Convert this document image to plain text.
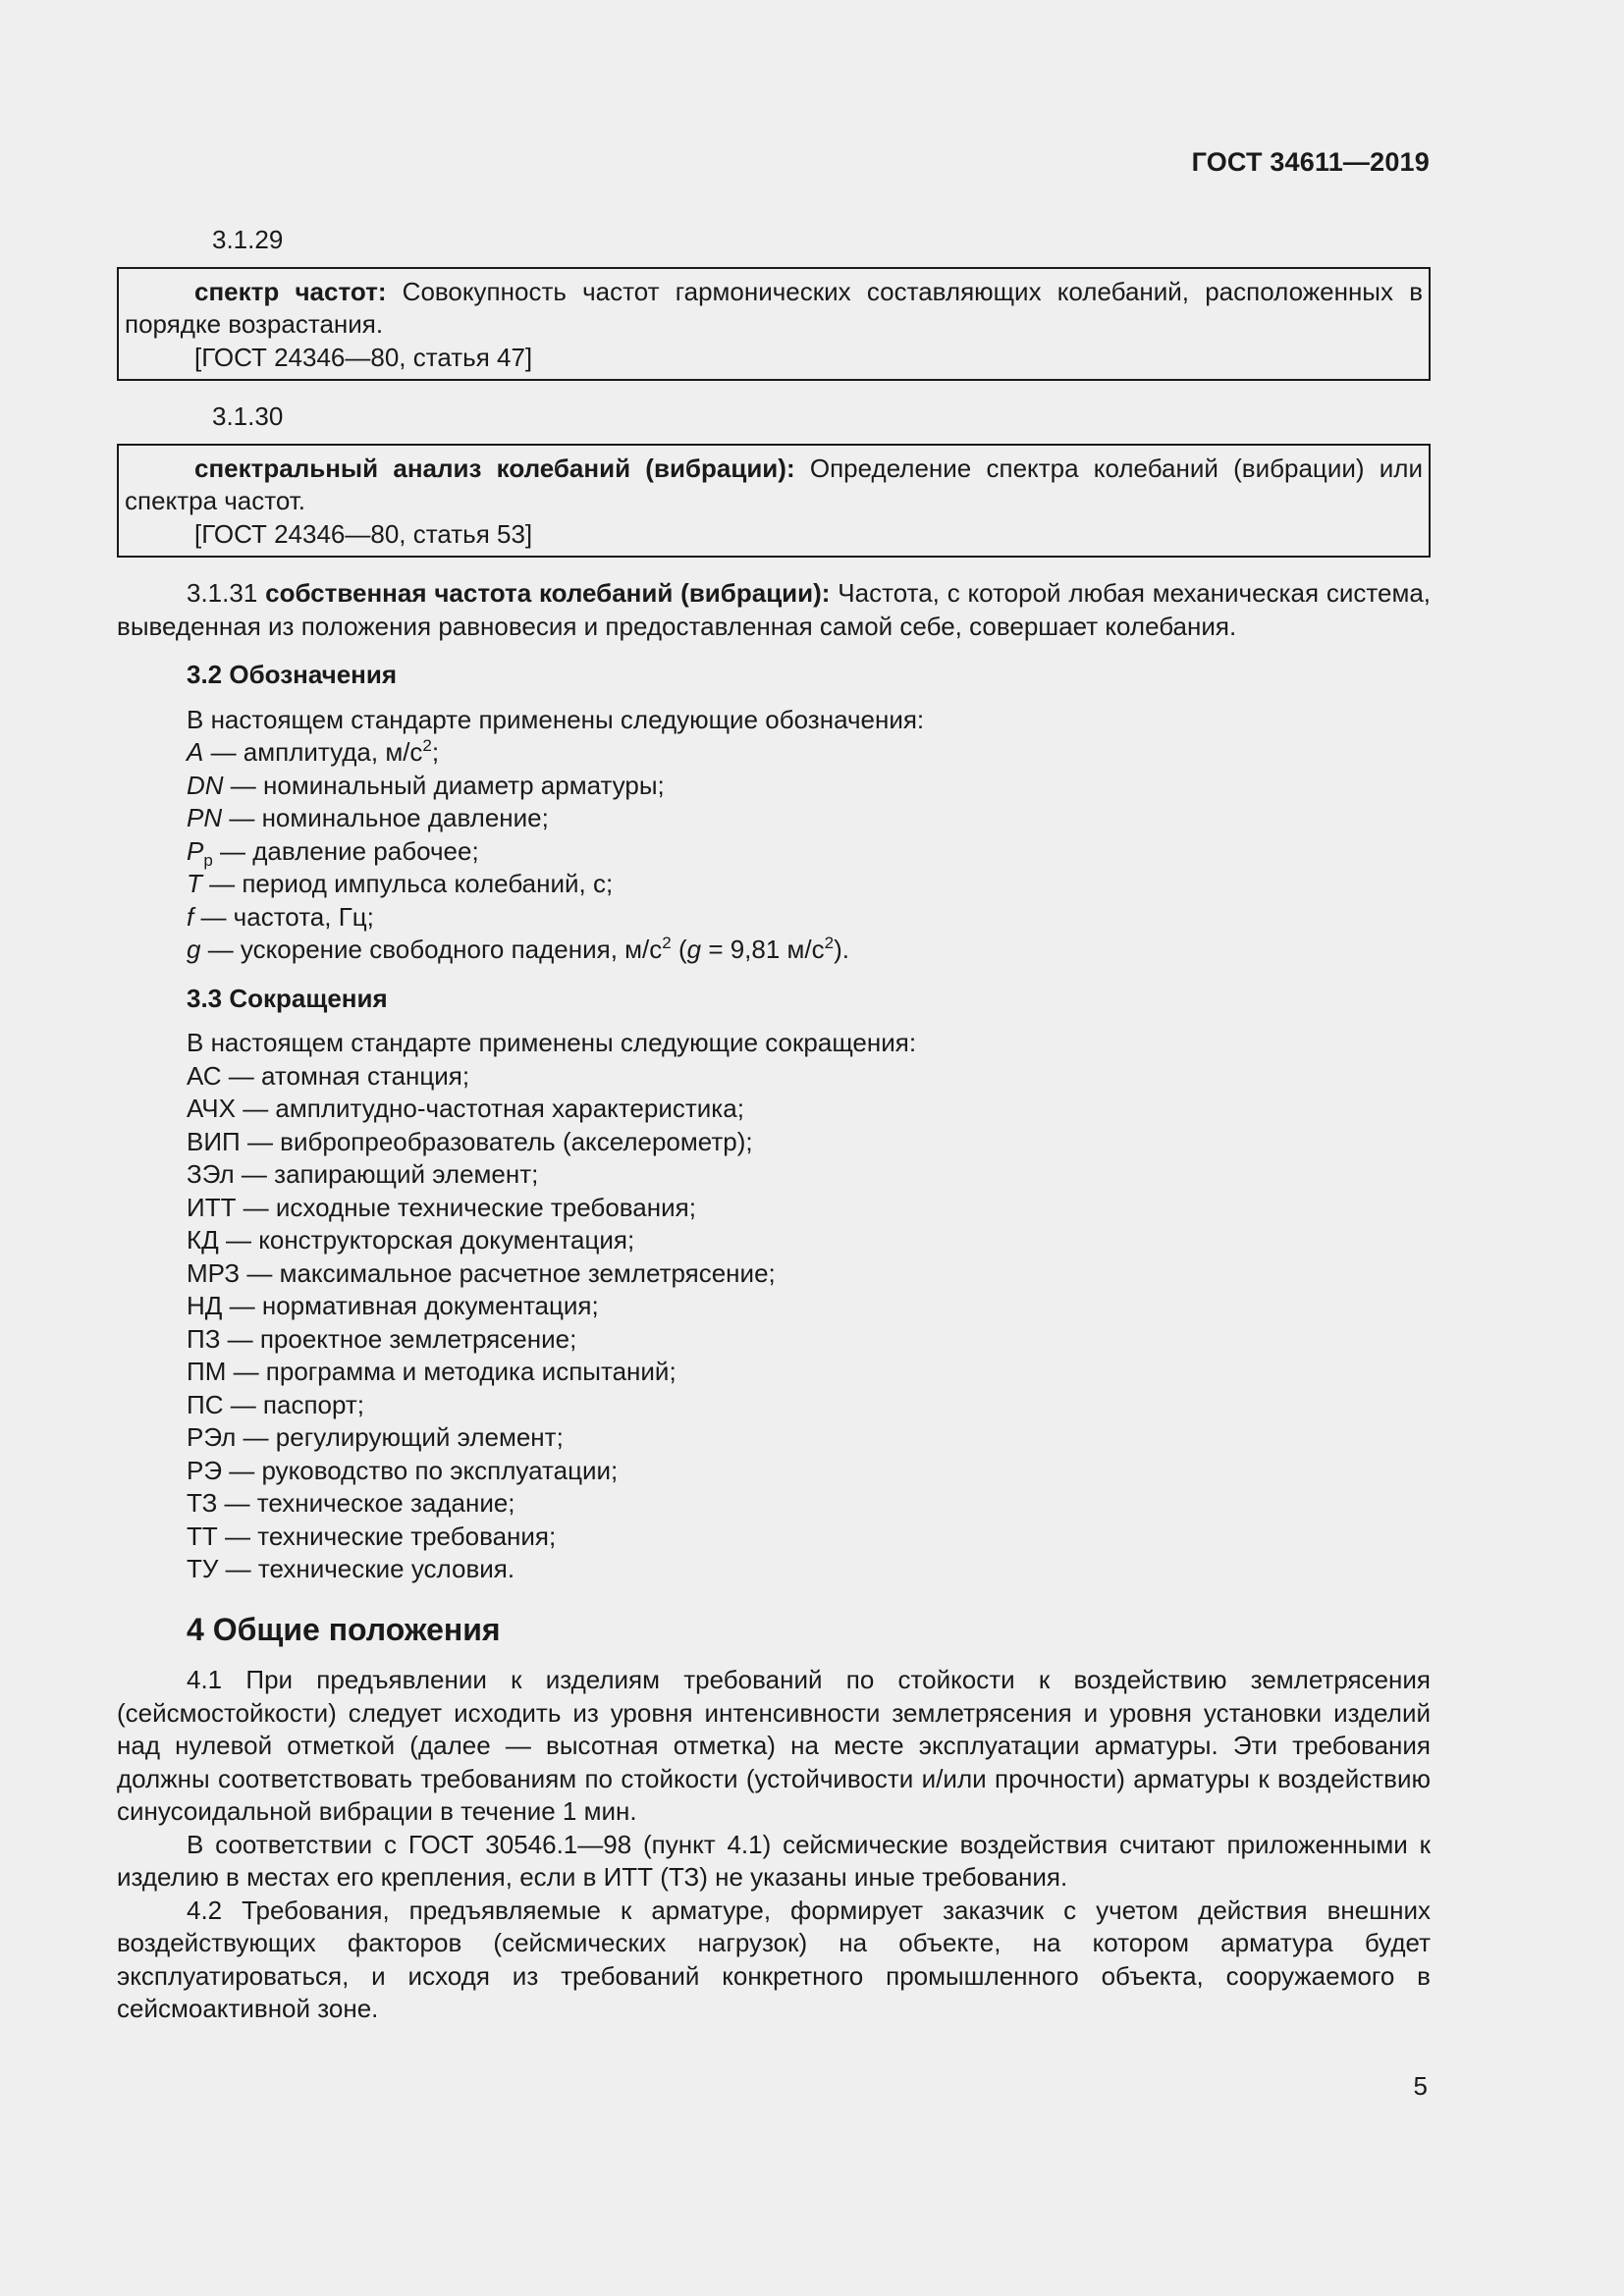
ГОСТ 34611—2019
3.1.29

спектр частот: Совокупность частот гармонических составляющих колебаний, расположенных в порядке возрастания.

[ГОСТ 24346—80, статья 47]

3.1.30

спектральный анализ колебаний (вибрации): Определение спектра колебаний (вибрации) или спектра частот.

[ГОСТ 24346—80, статья 53]

3.1.31 собственная частота колебаний (вибрации): Частота, с которой любая механическая система, выведенная из положения равновесия и предоставленная самой себе, совершает колебания.

3.2 Обозначения
В настоящем стандарте применены следующие обозначения:
A — амплитуда, $м/с^2$;
DN — номинальный диаметр арматуры;
PN — номинальное давление;
$P_р$ — давление рабочее;
T — период импульса колебаний, с;
f — частота, Гц;
g — ускорение свободного падения, $м/с^2$ (g = 9,81 $м/с^2$).
3.3 Сокращения
В настоящем стандарте применены следующие сокращения:
АС — атомная станция;
АЧХ — амплитудно-частотная характеристика;
ВИП — вибропреобразователь (акселерометр);
ЗЭл — запирающий элемент;
ИТТ — исходные технические требования;
КД — конструкторская документация;
МРЗ — максимальное расчетное землетрясение;
НД — нормативная документация;
ПЗ — проектное землетрясение;
ПМ — программа и методика испытаний;
ПС — паспорт;
РЭл — регулирующий элемент;
РЭ — руководство по эксплуатации;
ТЗ — техническое задание;
ТТ — технические требования;
ТУ — технические условия.
4 Общие положения

4.1 При предъявлении к изделиям требований по стойкости к воздействию землетрясения (сейсмостойкости) следует исходить из уровня интенсивности землетрясения и уровня установки изделий над нулевой отметкой (далее — высотная отметка) на месте эксплуатации арматуры. Эти требования должны соответствовать требованиям по стойкости (устойчивости и/или прочности) арматуры к воздействию синусоидальной вибрации в течение 1 мин.

В соответствии с ГОСТ 30546.1—98 (пункт 4.1) сейсмические воздействия считают приложенными к изделию в местах его крепления, если в ИТТ (ТЗ) не указаны иные требования.

4.2 Требования, предъявляемые к арматуре, формирует заказчик с учетом действия внешних воздействующих факторов (сейсмических нагрузок) на объекте, на котором арматура будет эксплуатироваться, и исходя из требований конкретного промышленного объекта, сооружаемого в сейсмоактивной зоне.

5
